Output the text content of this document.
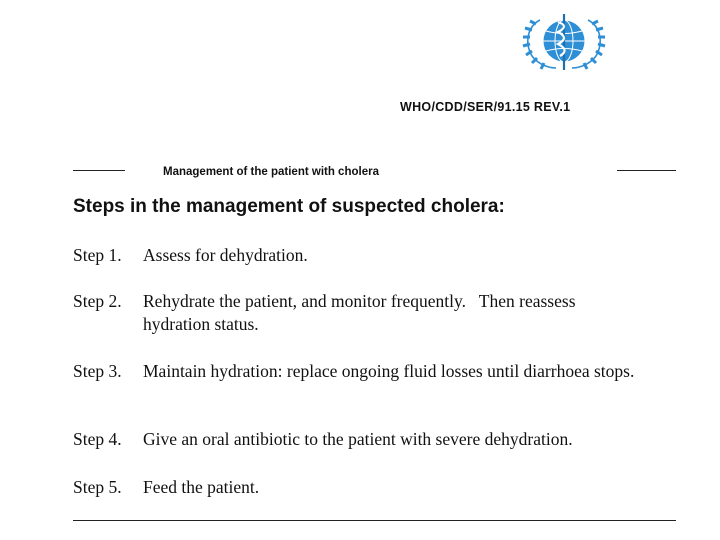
WHO/CDD/SER/91.15 REV.1
Management of the patient with cholera
Steps in the management of suspected cholera:
Step 1. Assess for dehydration.
Step 2. Rehydrate the patient, and monitor frequently.   Then reassess hydration status.
Step 3. Maintain hydration: replace ongoing fluid losses until diarrhoea stops.
Step 4. Give an oral antibiotic to the patient with severe dehydration.
Step 5. Feed the patient.
